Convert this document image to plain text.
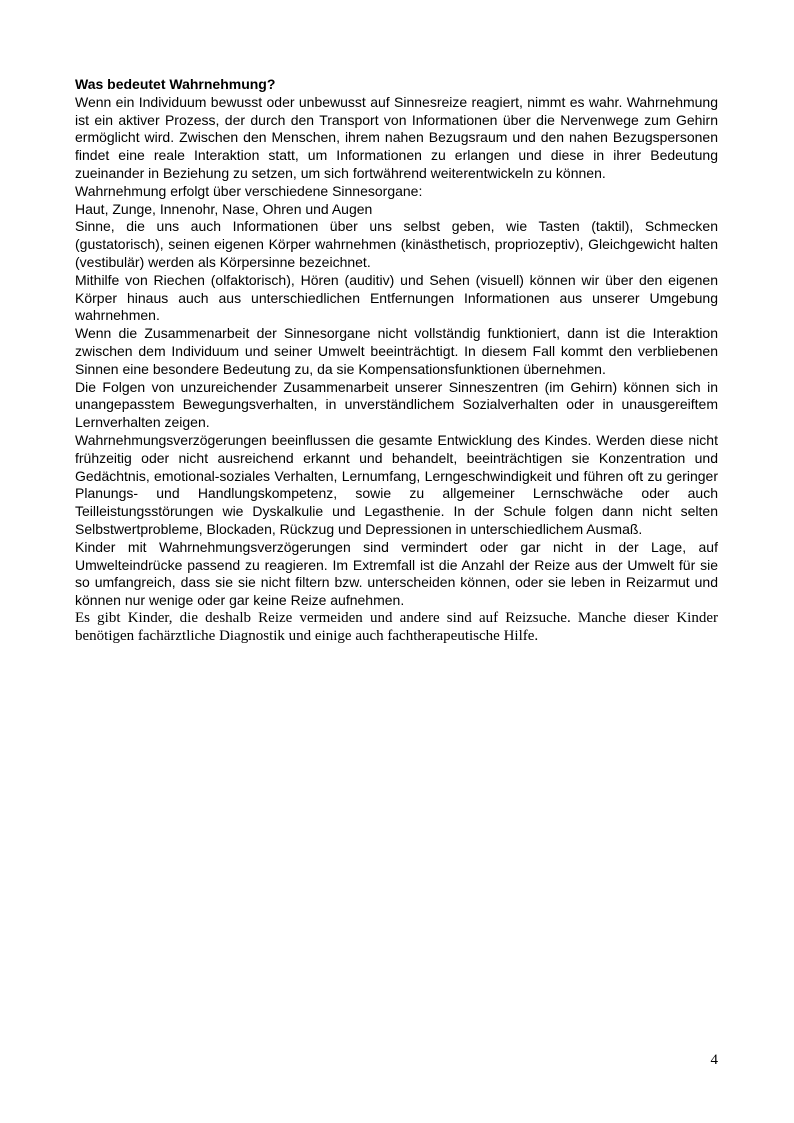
Was bedeutet Wahrnehmung?

Wenn ein Individuum bewusst oder unbewusst auf Sinnesreize reagiert, nimmt es wahr. Wahrnehmung ist ein aktiver Prozess, der durch den Transport von Informationen über die Nervenwege zum Gehirn ermöglicht wird. Zwischen den Menschen, ihrem nahen Bezugsraum und den nahen Bezugspersonen findet eine reale Interaktion statt, um Informationen zu erlangen und diese in ihrer Bedeutung zueinander in Beziehung zu setzen, um sich fortwährend weiterentwickeln zu können.

Wahrnehmung erfolgt über verschiedene Sinnesorgane:

Haut, Zunge, Innenohr, Nase, Ohren und Augen

Sinne, die uns auch Informationen über uns selbst geben, wie Tasten (taktil), Schmecken (gustatorisch), seinen eigenen Körper wahrnehmen (kinästhetisch, propriozeptiv), Gleichgewicht halten (vestibulär) werden als Körpersinne bezeichnet.

Mithilfe von Riechen (olfaktorisch), Hören (auditiv) und Sehen (visuell) können wir über den eigenen Körper hinaus auch aus unterschiedlichen Entfernungen Informationen aus unserer Umgebung wahrnehmen.

Wenn die Zusammenarbeit der Sinnesorgane nicht vollständig funktioniert, dann ist die Interaktion zwischen dem Individuum und seiner Umwelt beeinträchtigt. In diesem Fall kommt den verbliebenen Sinnen eine besondere Bedeutung zu, da sie Kompensationsfunktionen übernehmen.

Die Folgen von unzureichender Zusammenarbeit unserer Sinneszentren (im Gehirn) können sich in unangepasstem Bewegungsverhalten, in unverständlichem Sozialverhalten oder in unausgereiftem Lernverhalten zeigen.

Wahrnehmungsverzögerungen beeinflussen die gesamte Entwicklung des Kindes. Werden diese nicht frühzeitig oder nicht ausreichend erkannt und behandelt, beeinträchtigen sie Konzentration und Gedächtnis, emotional-soziales Verhalten, Lernumfang, Lerngeschwindigkeit und führen oft zu geringer Planungs- und Handlungskompetenz, sowie zu allgemeiner Lernschwäche oder auch Teilleistungsstörungen wie Dyskalkulie und Legasthenie. In der Schule folgen dann nicht selten Selbstwertprobleme, Blockaden, Rückzug und Depressionen in unterschiedlichem Ausmaß.

Kinder mit Wahrnehmungsverzögerungen sind vermindert oder gar nicht in der Lage, auf Umwelteindrücke passend zu reagieren. Im Extremfall ist die Anzahl der Reize aus der Umwelt für sie so umfangreich, dass sie sie nicht filtern bzw. unterscheiden können, oder sie leben in Reizarmut und können nur wenige oder gar keine Reize aufnehmen.

Es gibt Kinder, die deshalb Reize vermeiden und andere sind auf Reizsuche. Manche dieser Kinder benötigen fachärztliche Diagnostik und einige auch fachtherapeutische Hilfe.

4
